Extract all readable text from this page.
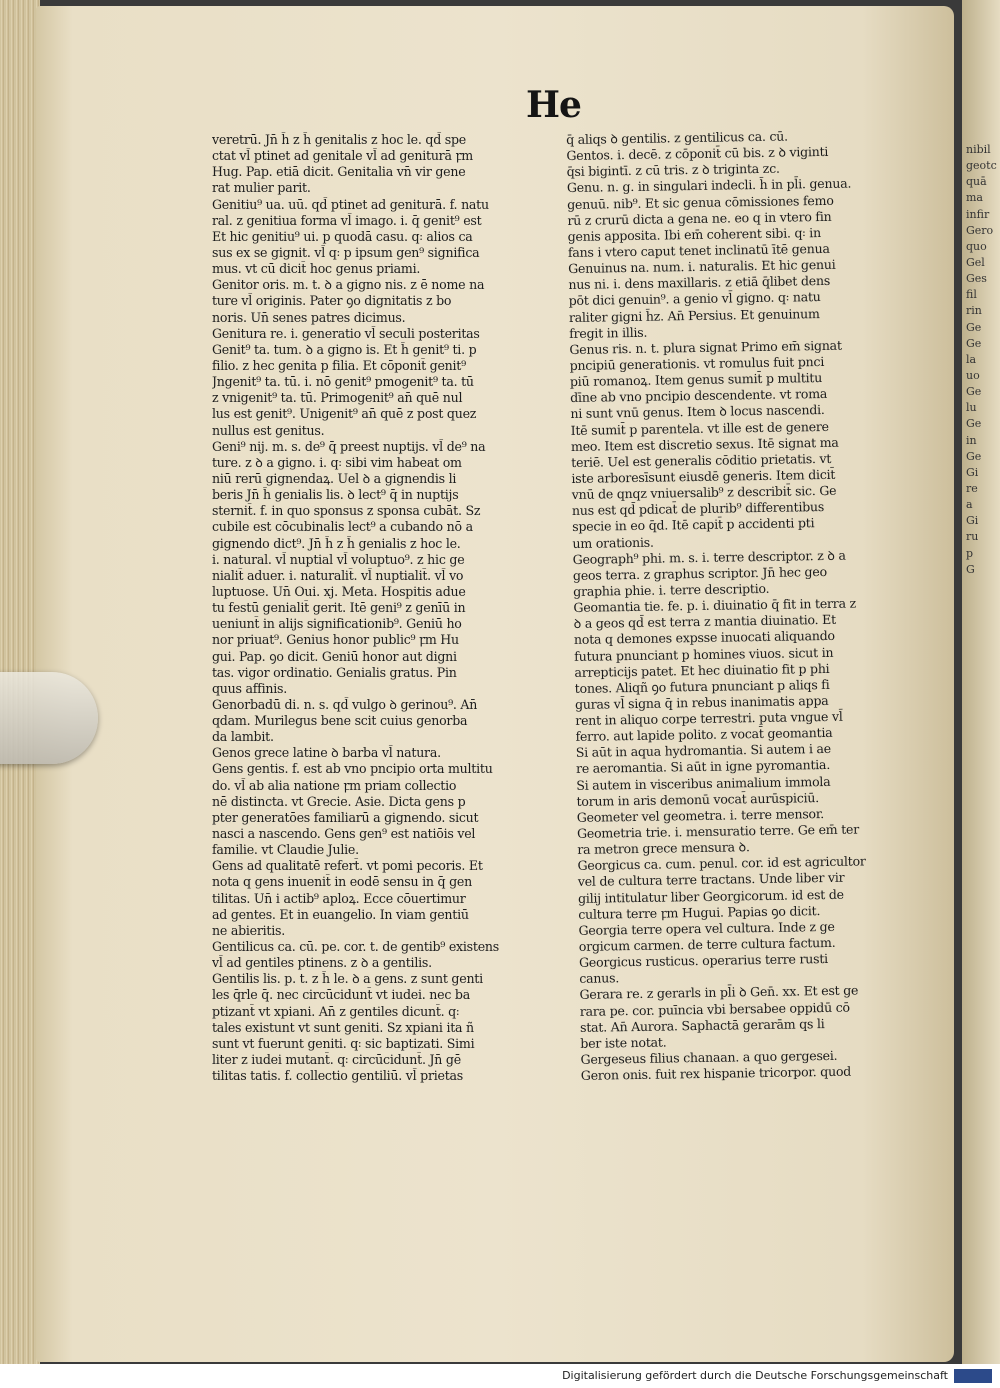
nibil
geotc
quā
ma
infir
Gero
quo
Gel
Ges
fil
rin
Ge
Ge
la
uo
Ge
lu
Ge
in
Ge
Gi
re
a
Gi
ru
p
G
He
veretrū. Jn̄ h̄ z h̄ genitalis z hoc le. qd̄ spe
ctat vl̄ ptinet ad genitale vl̄ ad geniturā ꝼm
Hug. Pap. etiā dicit. Genitalia vn̄ vir gene
rat mulier parit.
Genitiu⁹ ua. uū. qd̄ ptinet ad geniturā. f. natu
ral. z genitiua forma vl̄ imago. i. q̄ genit⁹ est
Et hic genitiu⁹ ui. p quodā casu. q꞉ alios ca
sus ex se gignit. vl̄ q꞉ p ipsum gen⁹ significa
mus. vt cū dicit̄ hoc genus priami.
Genitor oris. m. t. ꝺ a gigno nis. z ē nome na
ture vl̄ originis. Pater ꝯo dignitatis z bo
noris. Un̄ senes patres dicimus.
Genitura re. i. generatio vl̄ seculi posteritas
Genit⁹ ta. tum. ꝺ a gigno is. Et h̄ genit⁹ ti. p
filio. z hec genita p filia. Et cōponit̄ genit⁹
Jngenit⁹ ta. tū. i. nō genit⁹ pmogenit⁹ ta. tū
z vnigenit⁹ ta. tū. Primogenit⁹ an̄ quē nul
lus est genit⁹. Unigenit⁹ an̄ quē z post quez
nullus est genitus.
Geni⁹ nij. m. s. de⁹ q̄ preest nuptijs. vl̄ de⁹ na
ture. z ꝺ a gigno. i. q꞉ sibi vim habeat om
niū rerū gignendaꝝ. Uel ꝺ a gignendis li
beris Jn̄ h̄ genialis lis. ꝺ lect⁹ q̄ in nuptijs
sternit̄. f. in quo sponsus z sponsa cubāt. Sz
cubile est cōcubinalis lect⁹ a cubando nō a
gignendo dict⁹. Jn̄ h̄ z h̄ genialis z hoc le.
i. natural. vl̄ nuptial vl̄ voluptuo⁹. z hic ge
nialit̄ aduer. i. naturalit̄. vl̄ nuptialit̄. vl̄ vo
luptuose. Un̄ Oui. xj. Meta. Hospitis adue
tu festū genialit̄ gerit. Itē geni⁹ z genīū in
ueniunt̄ in alijs significationib⁹. Geniū ho
nor priuat⁹. Genius honor public⁹ ꝼm Hu
gui. Pap. ꝯo dicit. Geniū honor aut digni
tas. vigor ordinatio. Genialis gratus. Pin
quus affinis.
Genorbadū di. n. s. qd̄ vulgo ꝺ gerinou⁹. An̄
qdam. Murilegus bene scit cuius genorba
da lambit.
Genos grece latine ꝺ barba vl̄ natura.
Gens gentis. f. est ab vno pncipio orta multitu
do. vl̄ ab alia natione ꝼm priam collectio
nē distincta. vt Grecie. Asie. Dicta gens p
pter generatōes familiarū a gignendo. sicut
nasci a nascendo. Gens gen⁹ est natiōis vel
familie. vt Claudie Julie.
Gens ad qualitatē refert̄. vt pomi pecoris. Et
nota q gens inuenit̄ in eodē sensu in q̄ gen
tilitas. Un̄ i actib⁹ aploꝝ. Ecce cōuertimur
ad gentes. Et in euangelio. In viam gentiū
ne abieritis.
Gentilicus ca. cū. pe. cor. t. de gentib⁹ existens
vl̄ ad gentiles ptinens. z ꝺ a gentilis.
Gentilis lis. p. t. z h̄ le. ꝺ a gens. z sunt genti
les q̄rle q̄. nec circūcidunt̄ vt iudei. nec ba
ptizant̄ vt xpiani. An̄ z gentiles dicunt̄. q꞉
tales existunt vt sunt geniti. Sz xpiani ita ñ
sunt vt fuerunt geniti. q꞉ sic baptizati. Simi
liter z iudei mutant̄. q꞉ circūcidunt̄. Jn̄ gē
tilitas tatis. f. collectio gentiliū. vl̄ prietas
q̄ aliqs ꝺ gentilis. z gentilicus ca. cū.
Gentos. i. decē. z cōponit̄ cū bis. z ꝺ viginti
q̄si bigintī. z cū tris. z ꝺ triginta zc.
Genu. n. g. in singulari indecli. h̄ in pl̄i. genua.
genuū. nib⁹. Et sic genua cōmissiones femo
rū z crurū dicta a gena ne. eo q in vtero fin
genis apposita. Ibi em̄ coherent sibi. q꞉ in
fans i vtero caput tenet inclinatū ītē genua
Genuinus na. num. i. naturalis. Et hic genui
nus ni. i. dens maxillaris. z etiā q̄libet dens
pōt dici genuin⁹. a genio vl̄ gigno. q꞉ natu
raliter gigni h̄z. An̄ Persius. Et genuinum
fregit in illis.
Genus ris. n. t. plura signat Primo em̄ signat
pncipiū generationis. vt romulus fuit pnci
piū romanoꝝ. Item genus sumit̄ p multitu
dīne ab vno pncipio descendente. vt roma
ni sunt vnū genus. Item ꝺ locus nascendi.
Itē sumit̄ p parentela. vt ille est de genere
meo. Item est discretio sexus. Itē signat ma
teriē. Uel est generalis cōditio prietatis. vt
iste arboresīsunt eiusdē generis. Item dicit̄
vnū de qnqz vniuersalib⁹ z describit̄ sic. Ge
nus est qd̄ pdicat̄ de plurib⁹ differentibus
specie in eo q̄d. Itē capit̄ p accidenti pti
um orationis.
Geograph⁹ phi. m. s. i. terre descriptor. z ꝺ a
geos terra. z graphus scriptor. Jn̄ hec geo
graphia phie. i. terre descriptio.
Geomantia tie. fe. p. i. diuinatio q̄ fit in terra z
ꝺ a geos qd̄ est terra z mantia diuinatio. Et
nota q demones expsse inuocati aliquando
futura pnunciant p homines viuos. sicut in
arrepticijs patet. Et hec diuinatio fit p phi
tones. Aliqñ ꝯo futura pnunciant p aliqs fi
guras vl̄ signa q̄ in rebus inanimatis appa
rent in aliquo corpe terrestri. puta vngue vl̄
ferro. aut lapide polito. z vocat̄ geomantia
Si aūt in aqua hydromantia. Si autem i ae
re aeromantia. Si aūt in igne pyromantia.
Si autem in visceribus animalium immola
torum in aris demonū vocat̄ aurūspiciū.
Geometer vel geometra. i. terre mensor.
Geometria trie. i. mensuratio terre. Ge em̄ ter
ra metron grece mensura ꝺ.
Georgicus ca. cum. penul. cor. id est agricultor
vel de cultura terre tractans. Unde liber vir
gilij intitulatur liber Georgicorum. id est de
cultura terre ꝼm Hugui. Papias ꝯo dicit.
Georgia terre opera vel cultura. Inde z ge
orgicum carmen. de terre cultura factum.
Georgicus rusticus. operarius terre rusti
canus.
Gerara re. z gerarls in pl̄i ꝺ Gen̄. xx. Et est ge
rara pe. cor. puīncia vbi bersabee oppidū cō
stat. An̄ Aurora. Saphactā gerarām qs li
ber iste notat.
Gergeseus filius chanaan. a quo gergesei.
Geron onis. fuit rex hispanie tricorpor. quod
Digitalisierung gefördert durch die Deutsche Forschungsgemeinschaft
